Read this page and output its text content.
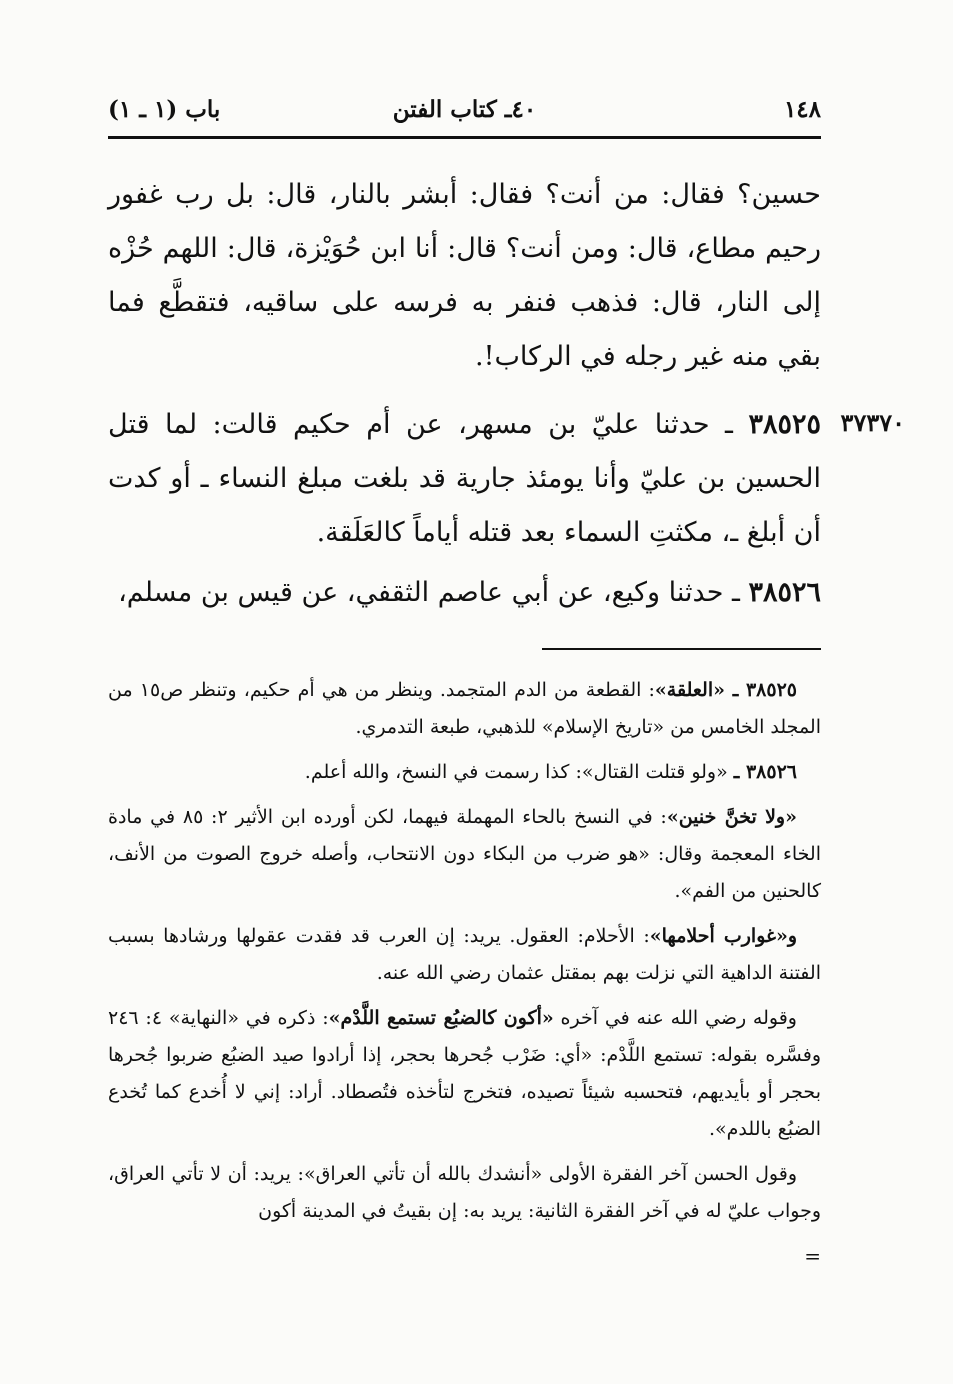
١٤٨
٤٠ـ كتاب الفتن
باب (١ ـ ١)
حسين؟ فقال: من أنت؟ فقال: أبشر بالنار، قال: بل رب غفور رحيم مطاع، قال: ومن أنت؟ قال: أنا ابن حُوَيْزة، قال: اللهم حُزْه إلى النار، قال: فذهب فنفر به فرسه على ساقيه، فتقطَّع فما بقي منه غير رجله في الركاب!.
٣٧٣٧٠
٣٨٥٢٥ ـ حدثنا عليّ بن مسهر، عن أم حكيم قالت: لما قتل الحسين بن عليّ وأنا يومئذ جارية قد بلغت مبلغ النساء ـ أو كدت أن أبلغ ـ، مكثتِ السماء بعد قتله أياماً كالعَلَقة.
٣٨٥٢٦ ـ حدثنا وكيع، عن أبي عاصم الثقفي، عن قيس بن مسلم،

٣٨٥٢٥ ـ «العلقة»: القطعة من الدم المتجمد. وينظر من هي أم حكيم، وتنظر ص١٥ من المجلد الخامس من «تاريخ الإسلام» للذهبي، طبعة التدمري.

٣٨٥٢٦ ـ «ولو قتلت القتال»: كذا رسمت في النسخ، والله أعلم.

«ولا تخنَّ خنين»: في النسخ بالحاء المهملة فيهما، لكن أورده ابن الأثير ٢: ٨٥ في مادة الخاء المعجمة وقال: «هو ضرب من البكاء دون الانتحاب، وأصله خروج الصوت من الأنف، كالحنين من الفم».

و«غوارب أحلامها»: الأحلام: العقول. يريد: إن العرب قد فقدت عقولها ورشادها بسبب الفتنة الداهية التي نزلت بهم بمقتل عثمان رضي الله عنه.

وقوله رضي الله عنه في آخره «أكون كالضبُع تستمع اللَّدْم»: ذكره في «النهاية» ٤: ٢٤٦ وفسَّره بقوله: تستمع اللَّدْم: «أي: ضَرْب جُحرها بحجر، إذا أرادوا صيد الضبُع ضربوا جُحرها بحجر أو بأيديهم، فتحسبه شيئاً تصيده، فتخرج لتأخذه فتُصطاد. أراد: إني لا أُخدع كما تُخدع الضبُع باللدم».

وقول الحسن آخر الفقرة الأولى «أنشدك بالله أن تأتي العراق»: يريد: أن لا تأتي العراق، وجواب عليّ له في آخر الفقرة الثانية: يريد به: إن بقيتُ في المدينة أكون

=
